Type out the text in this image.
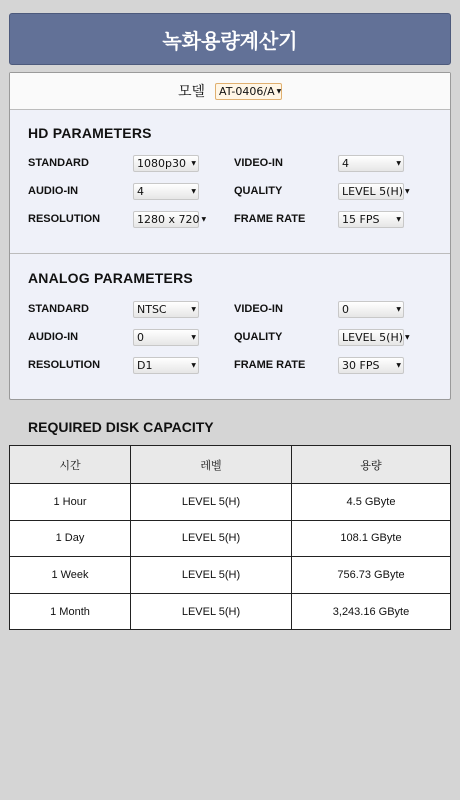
녹화용량계산기
모델 AT-0406/A ▼
HD PARAMETERS
STANDARD	1080p30 ▼	VIDEO-IN	4	▼
AUDIO-IN	4	▼	QUALITY	LEVEL 5(H) ▼
RESOLUTION	1280 x 720 ▼	FRAME RATE	15 FPS	▼
ANALOG PARAMETERS
STANDARD	NTSC	▼	VIDEO-IN	0	▼
AUDIO-IN	0	▼	QUALITY	LEVEL 5(H) ▼
RESOLUTION	D1	▼	FRAME RATE	30 FPS	▼
REQUIRED DISK CAPACITY
시간	레벨	용량
1 Hour	LEVEL 5(H)	4.5 GByte
1 Day	LEVEL 5(H)	108.1 GByte
1 Week	LEVEL 5(H)	756.73 GByte
1 Month	LEVEL 5(H)	3,243.16 GByte
